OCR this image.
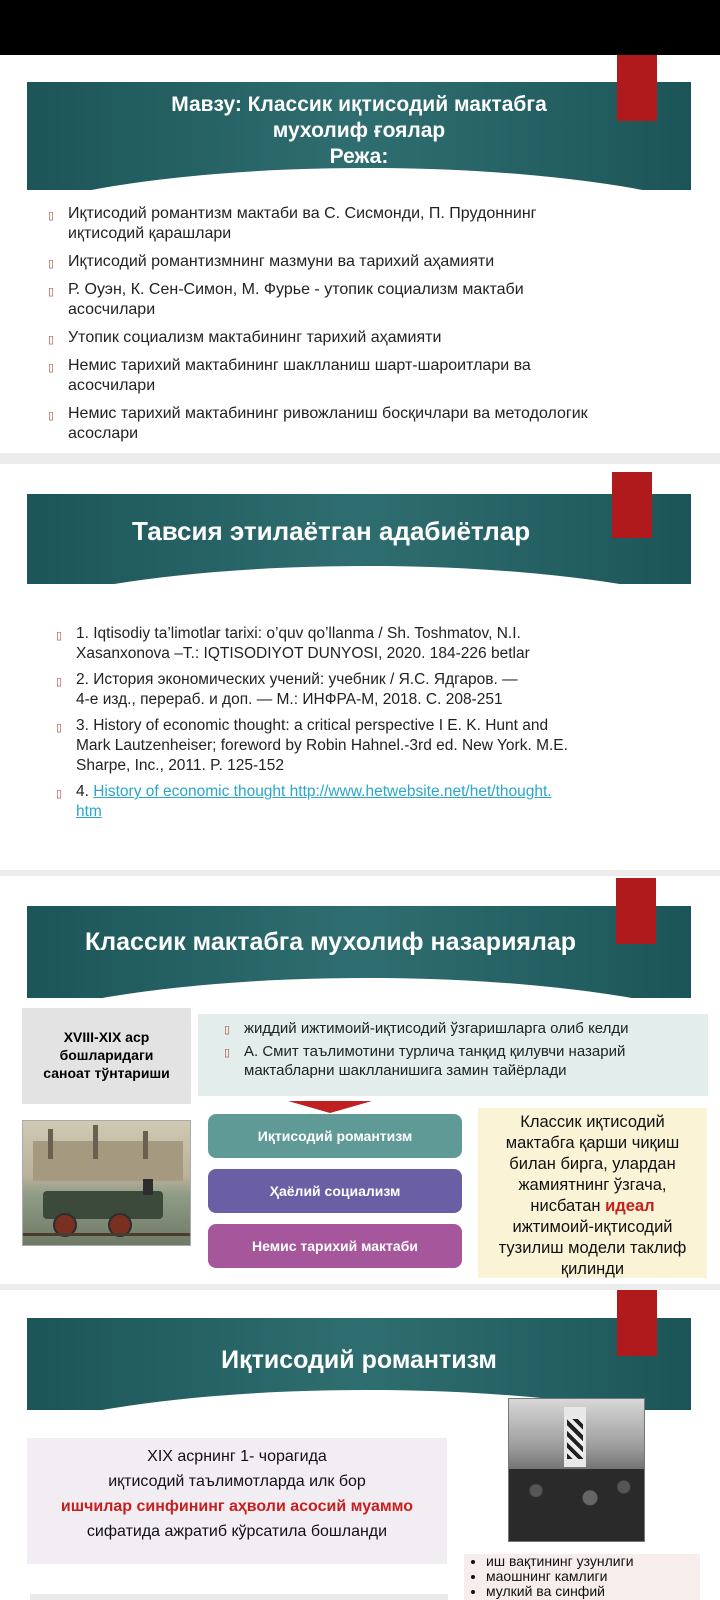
Мавзу: Классик иқтисодий мактабга
мухолиф ғоялар
Режа:
▯ Иқтисодий романтизм мактаби ва С. Сисмонди, П. Прудоннинг
иқтисодий қарашлари
▯ Иқтисодий романтизмнинг мазмуни ва тарихий аҳамияти
▯ Р. Оуэн, К. Сен-Симон, М. Фурье - утопик социализм мактаби
асосчилари
▯ Утопик социализм мактабининг тарихий аҳамияти
▯ Немис тарихий мактабининг шаклланиш шарт-шароитлари ва
асосчилари
▯ Немис тарихий мактабининг ривожланиш босқичлари ва методологик
асослари
Тавсия этилаётган адабиётлар
▯ 1. Iqtisodiy ta’limotlar tarixi: o’quv qo’llanma / Sh. Toshmatov, N.I.
Xasanxonova –T.: IQTISODIYOT DUNYOSI, 2020. 184-226 betlar
▯ 2. История экономических учений: учебник / Я.С. Ядгаров. —
4-е изд., перераб. и доп. — М.: ИНФРА-М, 2018. С. 208-251
▯ 3. History of economic thought: a critical perspective I E. K. Hunt and
Mark Lautzenheiser; foreword by Robin Hahnel.-3rd ed. New York. M.E.
Sharpe, Inc., 2011. P. 125-152
▯ 4. History of economic thought http://www.hetwebsite.net/het/thought.
htm
Классик мактабга мухолиф назариялар
XVIII-XIX аср
бошларидаги
саноат тўнтариши
▯ жиддий ижтимоий-иқтисодий ўзгаришларга олиб келди
▯ А. Смит таълимотини турлича танқид қилувчи назарий
мактабларни шаклланишига замин тайёрлади
Иқтисодий романтизм
Ҳаёлий социализм
Немис тарихий мактаби
Классик иқтисодий
мактабга қарши чиқиш
билан бирга, улардан
жамиятнинг ўзгача,
нисбатан идеал
ижтимоий-иқтисодий
тузилиш модели таклиф
қилинди
Иқтисодий романтизм
XIX асрнинг 1- чорагида
иқтисодий таълимотларда илк бор
ишчилар синфининг аҳволи асосий муаммо
сифатида ажратиб кўрсатила бошланди
• иш вақтининг узунлиги
• маошнинг камлиги
• мулкий ва синфий
